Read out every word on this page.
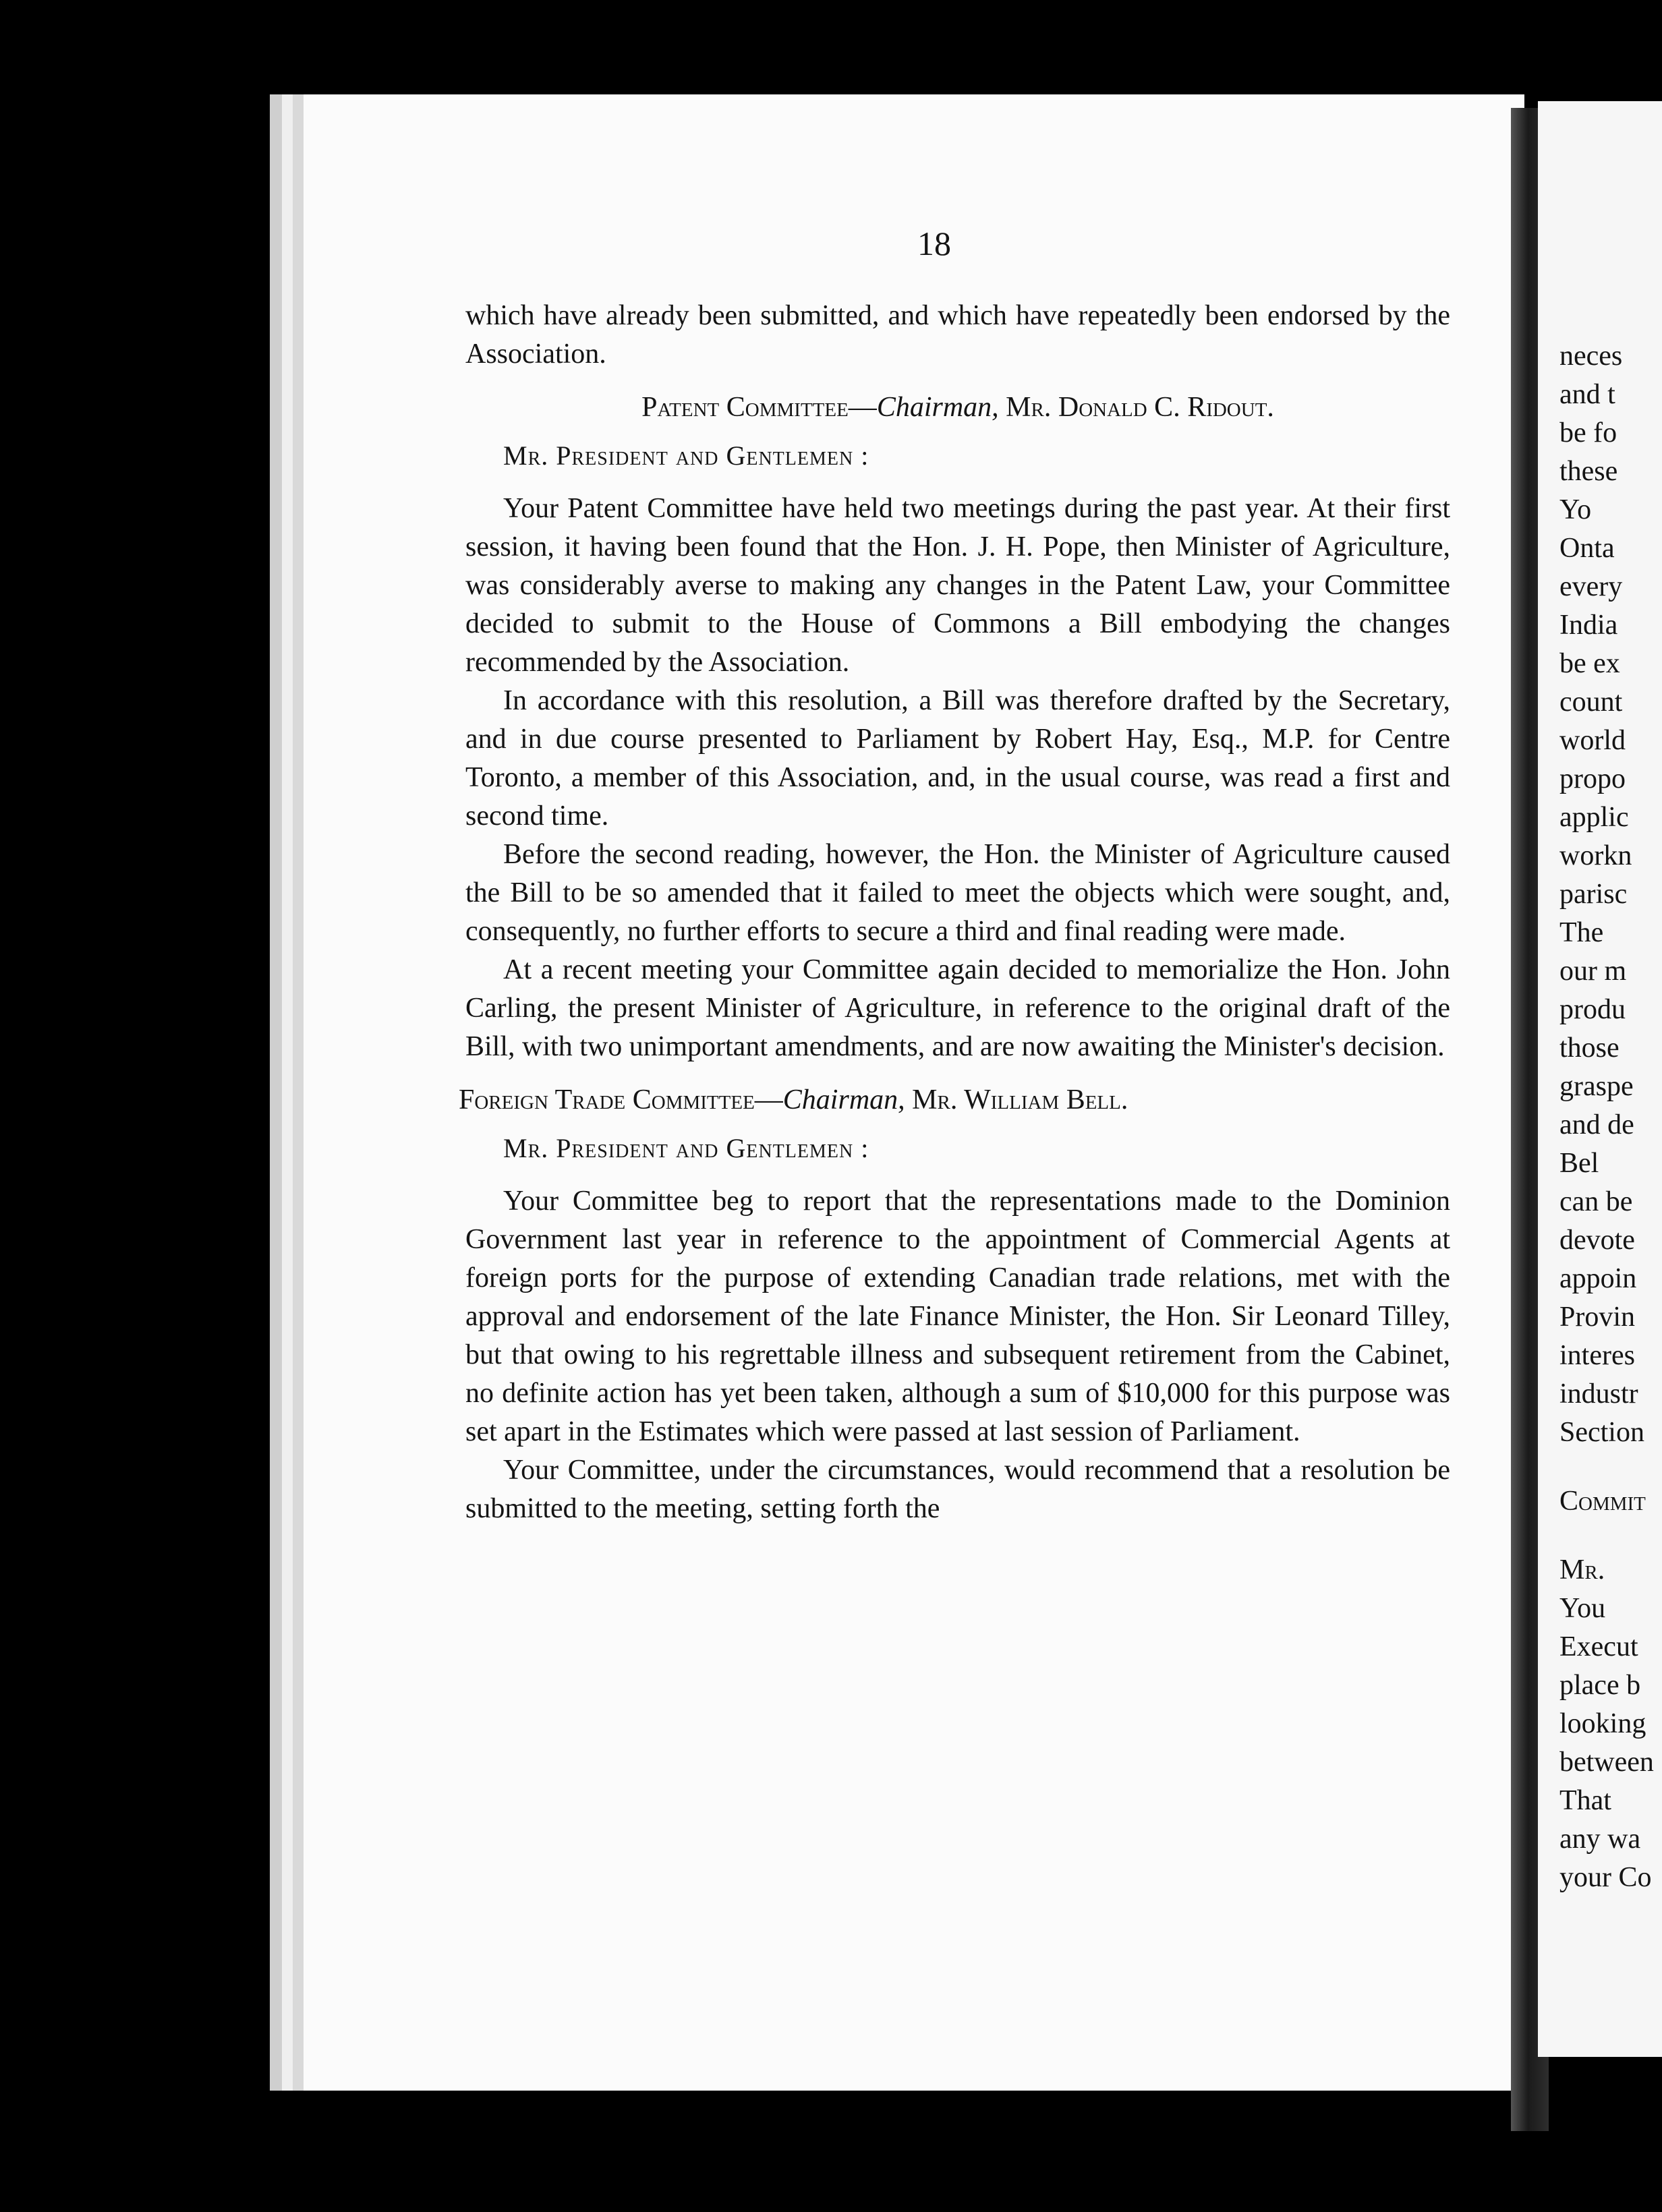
18

which have already been submitted, and which have repeatedly been endorsed by the Association.

Patent Committee—Chairman, Mr. Donald C. Ridout.
Mr. President and Gentlemen :

Your Patent Committee have held two meetings during the past year. At their first session, it having been found that the Hon. J. H. Pope, then Minister of Agriculture, was considerably averse to making any changes in the Patent Law, your Committee decided to submit to the House of Commons a Bill embodying the changes recommended by the Association.

In accordance with this resolution, a Bill was therefore drafted by the Secretary, and in due course presented to Parliament by Robert Hay, Esq., M.P. for Centre Toronto, a member of this Association, and, in the usual course, was read a first and second time.

Before the second reading, however, the Hon. the Minister of Agriculture caused the Bill to be so amended that it failed to meet the objects which were sought, and, consequently, no further efforts to secure a third and final reading were made.

At a recent meeting your Committee again decided to memorialize the Hon. John Carling, the present Minister of Agriculture, in reference to the original draft of the Bill, with two unimportant amendments, and are now awaiting the Minister's decision.

Foreign Trade Committee—Chairman, Mr. William Bell.
Mr. President and Gentlemen :

Your Committee beg to report that the representations made to the Dominion Government last year in reference to the appointment of Commercial Agents at foreign ports for the purpose of extending Canadian trade relations, met with the approval and endorsement of the late Finance Minister, the Hon. Sir Leonard Tilley, but that owing to his regrettable illness and subsequent retirement from the Cabinet, no definite action has yet been taken, although a sum of $10,000 for this purpose was set apart in the Estimates which were passed at last session of Parliament.

Your Committee, under the circumstances, would recommend that a resolution be submitted to the meeting, setting forth the

neces
and t
be fo
these
Yo
Onta
every
India
be ex
count
world
propo
applic
workn
parisc
The
our m
produ
those
graspe
and de
Bel
can be
devote
appoin
Provin
interes
industr
Section
Commit
Mr.
You
Execut
place b
looking
between
That
any wa
your Co
